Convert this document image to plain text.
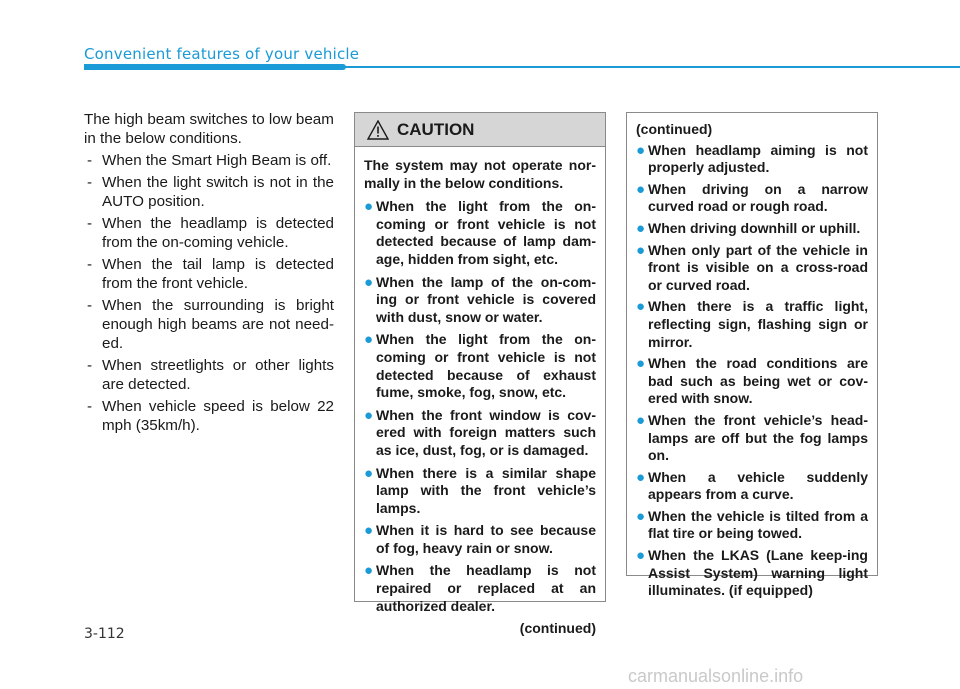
Convenient features of your vehicle

The high beam switches to low beam in the below conditions.

- When the Smart High Beam is off.
- When the light switch is not in the AUTO position.
- When the headlamp is detected from the on-coming vehicle.
- When the tail lamp is detected from the front vehicle.
- When the surrounding is bright enough high beams are not need-ed.
- When streetlights or other lights are detected.
- When vehicle speed is below 22 mph (35km/h).
CAUTION

The system may not operate nor-mally in the below conditions.

● When the light from the on-coming or front vehicle is not detected because of lamp dam-age, hidden from sight, etc.
● When the lamp of the on-com-ing or front vehicle is covered with dust, snow or water.
● When the light from the on-coming or front vehicle is not detected because of exhaust fume, smoke, fog, snow, etc.
● When the front window is cov-ered with foreign matters such as ice, dust, fog, or is damaged.
● When there is a similar shape lamp with the front vehicle’s lamps.
● When it is hard to see because of fog, heavy rain or snow.
● When the headlamp is not repaired or replaced at an authorized dealer.

(continued)

(continued)

● When headlamp aiming is not properly adjusted.
● When driving on a narrow curved road or rough road.
● When driving downhill or uphill.
● When only part of the vehicle in front is visible on a cross-road or curved road.
● When there is a traffic light, reflecting sign, flashing sign or mirror.
● When the road conditions are bad such as being wet or cov-ered with snow.
● When the front vehicle’s head-lamps are off but the fog lamps on.
● When a vehicle suddenly appears from a curve.
● When the vehicle is tilted from a flat tire or being towed.
● When the LKAS (Lane keep-ing Assist System) warning light illuminates. (if equipped)
3-112
carmanualsonline.info
